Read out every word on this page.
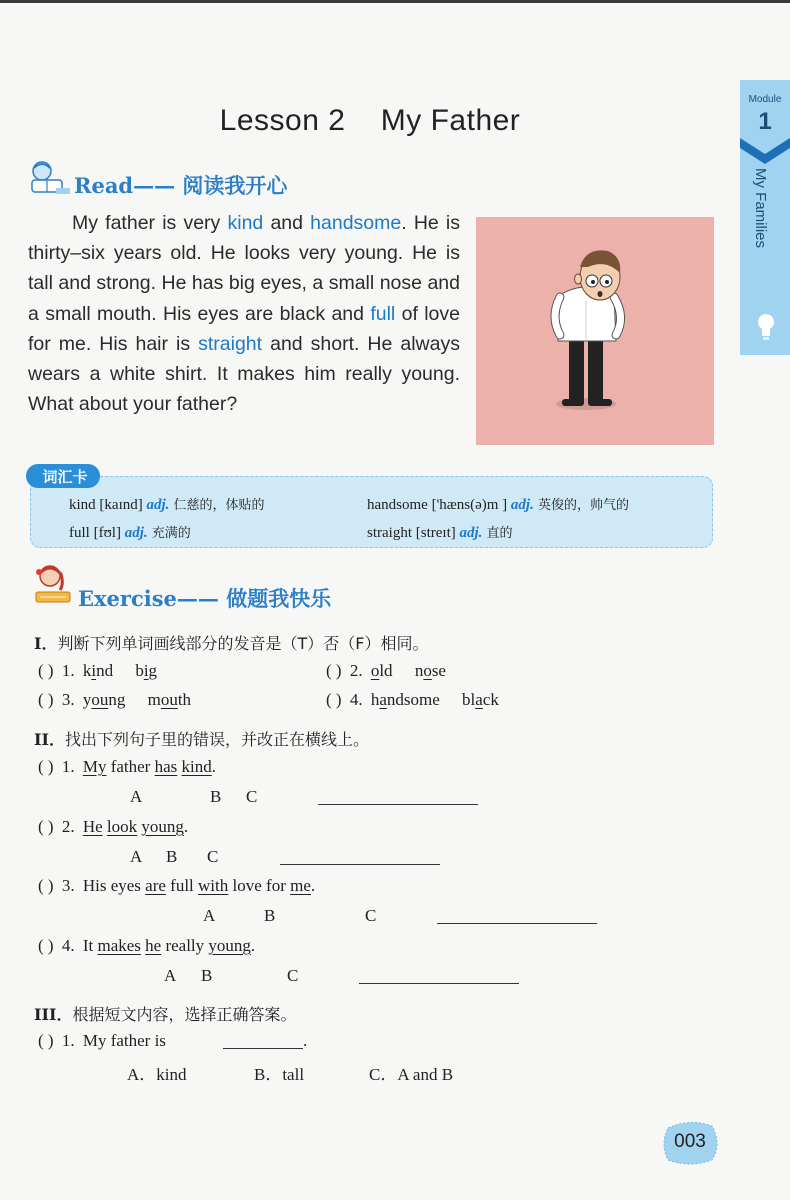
Module
1
My Families
Lesson 2    My Father
Read—— 阅读我开心
My father is very kind and handsome. He is thirty–six years old. He looks very young. He is tall and strong. He has big eyes, a small nose and a small mouth. His eyes are black and full of love for me. His hair is straight and short. He always wears a white shirt. It makes him really young. What about your father?
kind [kaɪnd] adj. 仁慈的，体贴的	handsome ['hæns(ə)m ] adj. 英俊的，帅气的
full [fʊl] adj. 充满的	straight [streɪt] adj. 直的
词汇卡
Exercise—— 做题我快乐
I．判断下列单词画线部分的发音是（T）否（F）相同。
( ) 1. kind big	( ) 2. old nose
( ) 3. young mouth	( ) 4. handsome black
II．找出下列句子里的错误，并改正在横线上。
( ) 1. My father has kind.
A	B C
( ) 2. He look young.
A B C
( ) 3. His eyes are full with love for me.
A	B	C
( ) 4. It makes he really young.
A B	C
III．根据短文内容，选择正确答案。
( ) 1. My father is	.
A．kind	B．tall	C．A and B
003
